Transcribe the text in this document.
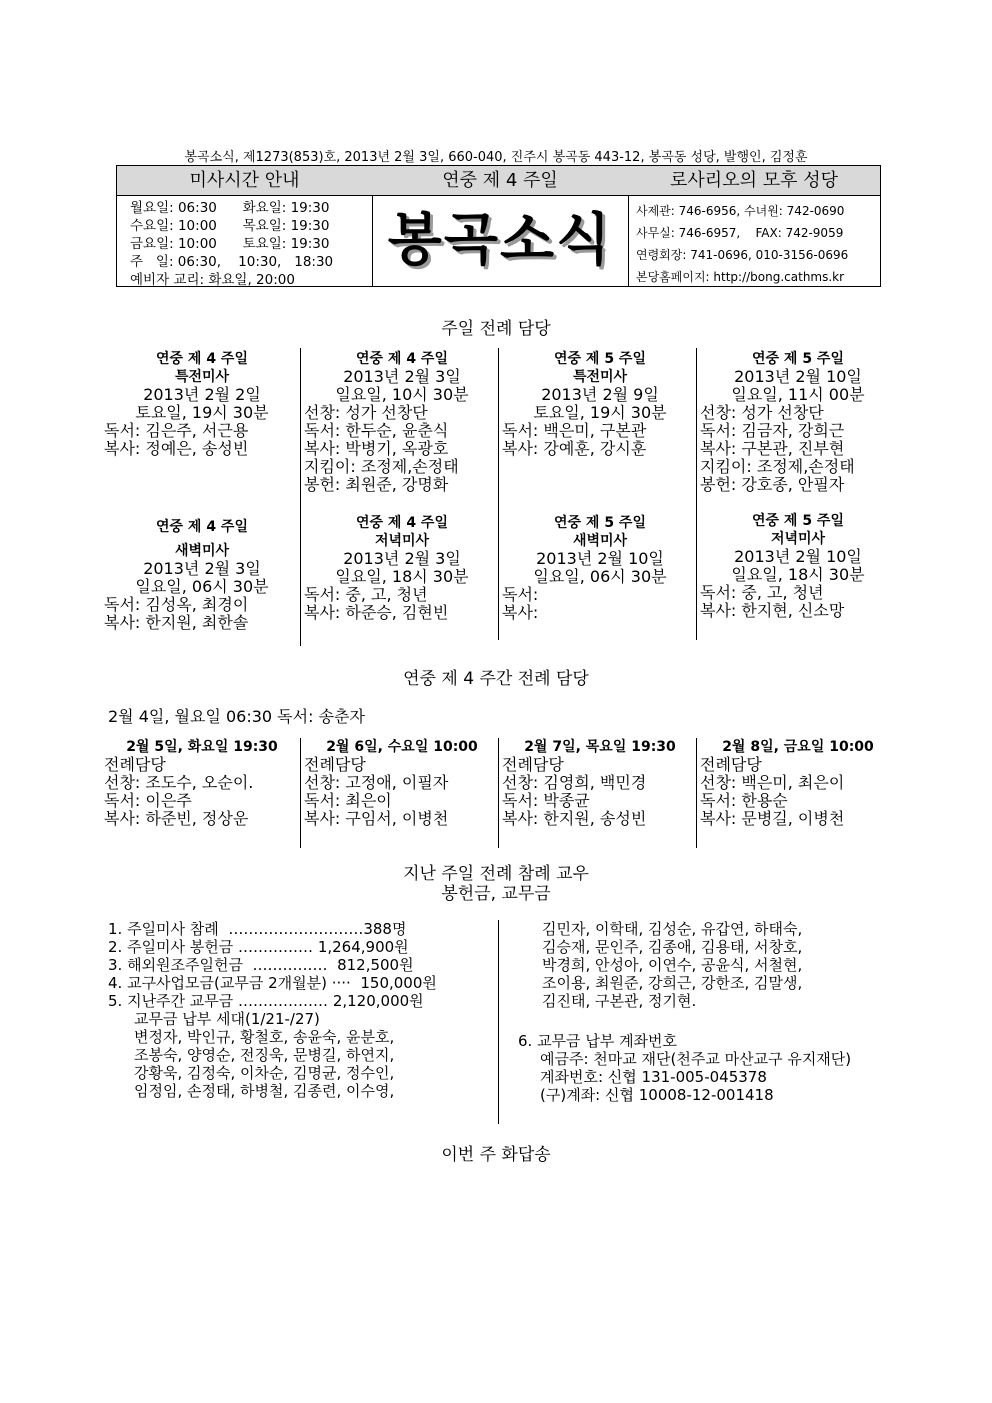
봉곡소식, 제1273(853)호, 2013년 2월 3일, 660-040, 진주시 봉곡동 443-12, 봉곡동 성당, 발행인, 김정훈
미사시간 안내
월요일: 06:30      화요일: 19:30
수요일: 10:00      목요일: 19:30
금요일: 10:00      토요일: 19:30
주   일: 06:30,    10:30,   18:30
예비자 교리: 화요일, 20:00
연중 제 4 주일
봉곡소식
로사리오의 모후 성당
사제관: 746-6956, 수녀원: 742-0690
사무실: 746-6957,    FAX: 742-9059
연령회장: 741-0696, 010-3156-0696
본당홈페이지: http://bong.cathms.kr
주일 전례 담당
연중 제 4 주일
특전미사
2013년 2월 2일
토요일, 19시 30분
독서: 김은주, 서근용
복사: 정예은, 송성빈
연중 제 4 주일
2013년 2월 3일
일요일, 10시 30분
선창: 성가 선창단
독서: 한두순, 윤춘식
복사: 박병기, 옥광호
지킴이: 조정제,손정태
봉헌: 최원준, 강명화
연중 제 5 주일
특전미사
2013년 2월 9일
토요일, 19시 30분
독서: 백은미, 구본관
복사: 강예훈, 강시훈
연중 제 5 주일
2013년 2월 10일
일요일, 11시 00분
선창: 성가 선창단
독서: 김금자, 강희근
복사: 구본관, 진부현
지킴이: 조정제,손정태
봉헌: 강호종, 안필자
연중 제 4 주일
새벽미사
2013년 2월 3일
일요일, 06시 30분
독서: 김성옥, 최경이
복사: 한지원, 최한솔
연중 제 4 주일
저녁미사
2013년 2월 3일
일요일, 18시 30분
독서: 중, 고, 청년
복사: 하준승, 김현빈
연중 제 5 주일
새벽미사
2013년 2월 10일
일요일, 06시 30분
독서:
복사:
연중 제 5 주일
저녁미사
2013년 2월 10일
일요일, 18시 30분
독서: 중, 고, 청년
복사: 한지현, 신소망
연중 제 4 주간 전례 담당
2월 4일, 월요일 06:30 독서: 송춘자
2월 5일, 화요일 19:30
전례담당
선창: 조도수, 오순이.
독서: 이은주
복사: 하준빈, 정상운
2월 6일, 수요일 10:00
전례담당
선창: 고정애, 이필자
독서: 최은이
복사: 구임서, 이병천
2월 7일, 목요일 19:30
전례담당
선창: 김영희, 백민경
독서: 박종균
복사: 한지원, 송성빈
2월 8일, 금요일 10:00
전례담당
선창: 백은미, 최은이
독서: 한용순
복사: 문병길, 이병천
지난 주일 전례 참례 교우
봉헌금, 교무금
1. 주일미사 참례  ………………………388명
2. 주일미사 봉헌금 …………… 1,264,900원
3. 해외원조주일헌금  ……………  812,500원
4. 교구사업모금(교무금 2개월분) ····  150,000원
5. 지난주간 교무금 ……………… 2,120,000원
교무금 납부 세대(1/21-/27)
변정자, 박인규, 황철호, 송윤숙, 윤분호,
조봉숙, 양영순, 전징욱, 문병길, 하연지,
강황욱, 김정숙, 이차순, 김명균, 정수인,
임정임, 손정태, 하병철, 김종련, 이수영,
김민자, 이학태, 김성순, 유갑연, 하태숙,
김승재, 문인주, 김종애, 김용태, 서창호,
박경희, 안성아, 이연수, 공윤식, 서철현,
조이용, 최원준, 강희근, 강한조, 김말생,
김진태, 구본관, 정기현.
6. 교무금 납부 계좌번호
예금주: 천마교 재단(천주교 마산교구 유지재단)
계좌번호: 신협 131-005-045378
(구)계좌: 신협 10008-12-001418
이번 주 화답송
